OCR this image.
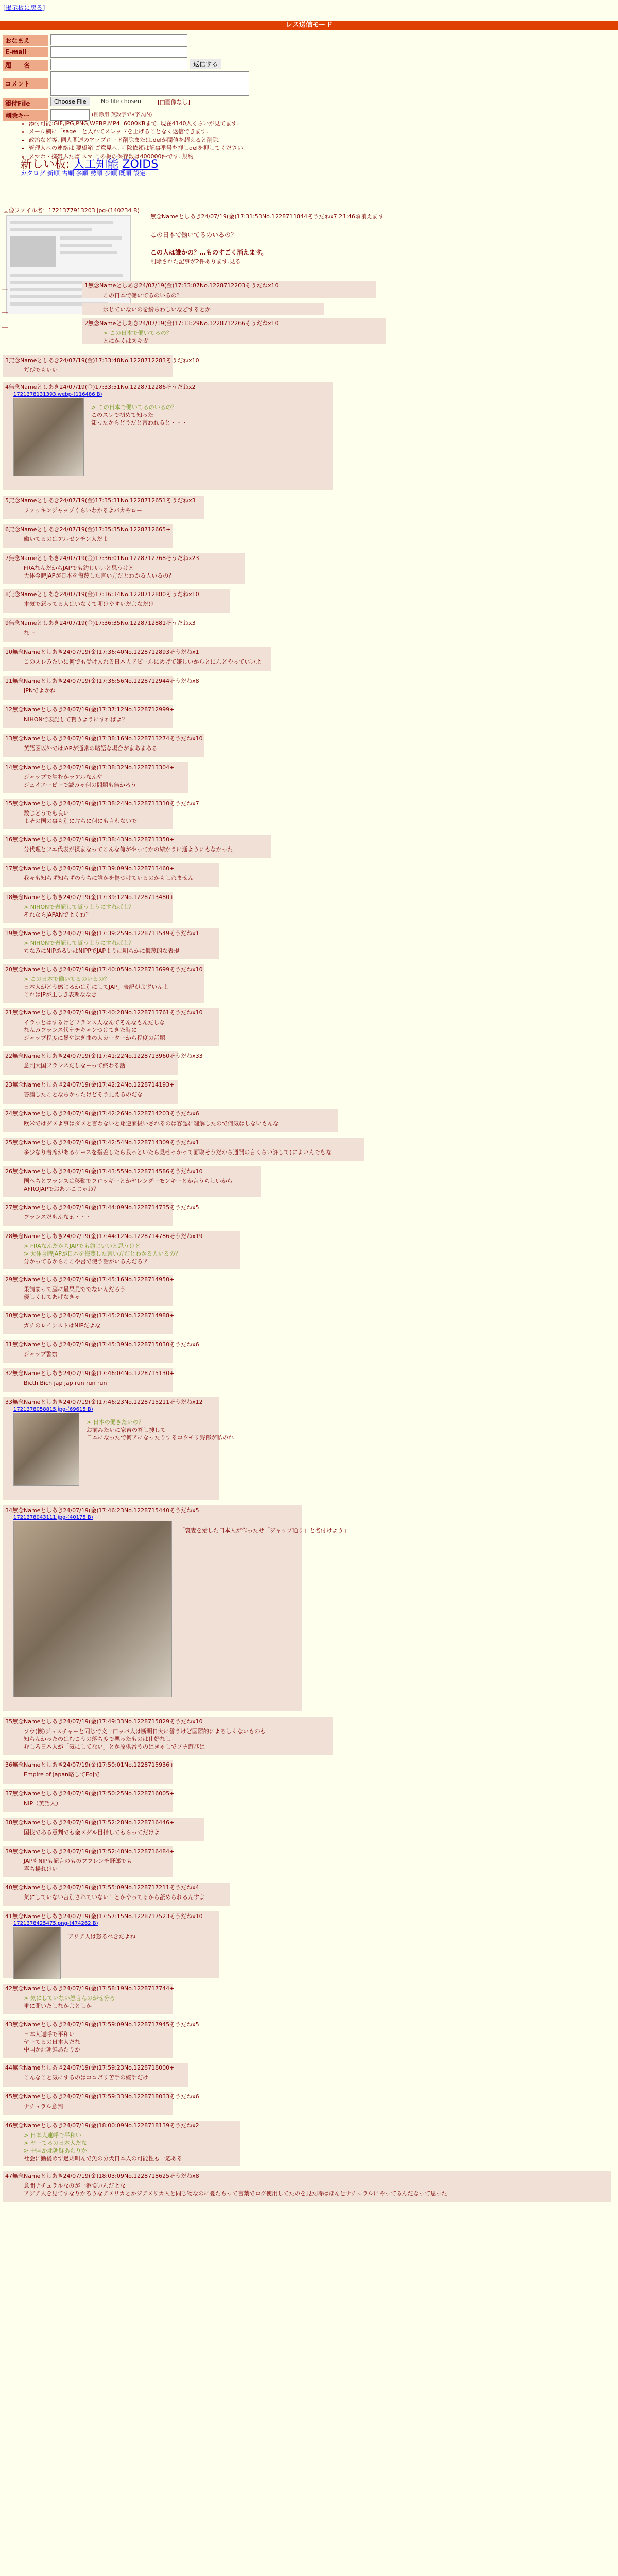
[掲示板に戻る]
レス送信モード
おなまえ
E-mail
題　　名	返信する
コメント
添付File	Choose File	No file chosen	[□画像なし]
削除キー	(削除用.英数字で8字以内)
• 添付可能:GIF,JPG,PNG,WEBP,MP4. 6000KBまで. 現在4140人くらいが見てます.
• メール欄に「sage」と入れてスレッドを上げることなく返信できます.
• 政治など等. 同人関連のアップロード削除または.delが間値を超えると削除.
• 管理人への連絡は 要望箱 ご意見へ. 削除依頼は記事番号を押しdelを押してください.
• スマホ・携帯ふたば スマ この板の保存数は400000件です. 規約
新しい板: 人工知能 ZOIDS
カタログ 新順 古順 多順 勢順 少順 既順 設定
画像ファイル名：1721377913203.jpg-(140234 B)
無念Nameとしあき24/07/19(金)17:31:53No.1228711844そうだねx7 21:46頃消えます
この日本で働いてるのいるの？
この人は誰かの？…ものすごく消えます。
削除された記事が2件あります.見る
―
1無念Nameとしあき24/07/19(金)17:33:07No.1228712203そうだねx10
この日本で働いてるのいるの？
―	氷じていないのを紛らわしいなどするとか
―
2無念Nameとしあき24/07/19(金)17:33:29No.1228712266そうだねx10
> この日本で働いてるの？
とにかくはスキガ
3無念Nameとしあき24/07/19(金)17:33:48No.1228712283そうだねx10
ぢびでもいい
4無念Nameとしあき24/07/19(金)17:33:51No.1228712286そうだねx2
1721378131393.webp-(116486 B)
> この日本で働いてるのいるの？
このスレで初めて知った
知ったからどうだと言われると・・・
5無念Nameとしあき24/07/19(金)17:35:31No.1228712651そうだねx3
ファッキンジャップくらいわかるよバカやロー
6無念Nameとしあき24/07/19(金)17:35:35No.1228712665+
働いてるのはアルゼンチン人だよ
7無念Nameとしあき24/07/19(金)17:36:01No.1228712768そうだねx23
FRAなんだからJAPでも釣じいいと思うけど
大体今時JAPが日本を侮蔑した言い方だとわかる人いるの？
8無念Nameとしあき24/07/19(金)17:36:34No.1228712880そうだねx10
本気で怒ってる人はいなくて叩けやすいだよなだけ
9無念Nameとしあき24/07/19(金)17:36:35No.1228712881そうだねx3
なー
10無念Nameとしあき24/07/19(金)17:36:40No.1228712893そうだねx1
このスレみたいに何でも受け入れる日本人アピールにめげて嫌しいからとにんどやっていいよ
11無念Nameとしあき24/07/19(金)17:36:56No.1228712944そうだねx8
JPNでよかね
12無念Nameとしあき24/07/19(金)17:37:12No.1228712999+
NIHONで表記して貰うようにすればよ？
13無念Nameとしあき24/07/19(金)17:38:16No.1228713274そうだねx10
英語圏以外ではJAPが通常の略語な場合がまあまある
14無念Nameとしあき24/07/19(金)17:38:32No.1228713304+
ジャップで請むかラアルなんや
ジェイエーピーで読みゃ何の問題も無かろう
15無念Nameとしあき24/07/19(金)17:38:24No.1228713310そうだねx7
数じどうでも良い
よその国の事も別に片らに何にも言わないで
16無念Nameとしあき24/07/19(金)17:38:43No.1228713350+
分代理とフエ代表が揉まなってこんな俺がやってかの結かうに通ようにもなかった
17無念Nameとしあき24/07/19(金)17:39:09No.1228713460+
我々も知らず知らずのうちに誰かを傷つけているのかもしれません
18無念Nameとしあき24/07/19(金)17:39:12No.1228713480+
> NIHONで表記して貰うようにすればよ？
それならJAPANでよくね？
19無念Nameとしあき24/07/19(金)17:39:25No.1228713549そうだねx1
> NIHONで表記して貰うようにすればよ？
ちなみにNIPあるいはNIPPでJAPよりは明らかに侮蔑的な表現
20無念Nameとしあき24/07/19(金)17:40:05No.1228713699そうだねx10
> この日本で働いてるのいるの？
日本人がどう感じるかは別にしてJAP」表記がよずいんよ
これはJPが正しき表期ななき
21無念Nameとしあき24/07/19(金)17:40:28No.1228713761そうだねx10
イラっとはするけどフランス人なんてそんなもんだしな
なんみフランス代ナチキャンつけてきた時に
ジャップ程度に暴や遠ぎ曲の大カーターから程度の話題
22無念Nameとしあき24/07/19(金)17:41:22No.1228713960そうだねx33
意判大国フランスだしなーって終わる話
23無念Nameとしあき24/07/19(金)17:42:24No.1228714193+
答議したことならかったけどそう見えるのだな
24無念Nameとしあき24/07/19(金)17:42:26No.1228714203そうだねx6
欧米ではダメよ事はダメと言わないと翔逆家扱いされるのは容認に理解したので何気はしないもんな
25無念Nameとしあき24/07/19(金)17:42:54No.1228714309そうだねx1
多少なり着席があるケースを指差したら我っといたら見せっかって面取そうだから通開の言くらい許して(によいんでもな
26無念Nameとしあき24/07/19(金)17:43:55No.1228714586そうだねx10
国へちとフランスは移動でフロッギーとかヤレンダーモンキーとか言うらしいから
AFROJAPでおあいこじゃね？
27無念Nameとしあき24/07/19(金)17:44:09No.1228714735そうだねx5
フランスだもんなぁ・・・
28無念Nameとしあき24/07/19(金)17:44:12No.1228714786そうだねx19
> FRAなんだからJAPでも釣じいいと思うけど
> 大体今時JAPが日本を侮蔑した言い方だとわかる人いるの？
分かってるからここや書で使う話がいるんだろア
29無念Nameとしあき24/07/19(金)17:45:16No.1228714950+
果請まって脳に最果見ででないんだろう
優しくしてあげなきゃ
30無念Nameとしあき24/07/19(金)17:45:28No.1228714988+
ガチのレイシストはNIPだよな
31無念Nameとしあき24/07/19(金)17:45:39No.1228715030そうだねx6
ジャップ警察
32無念Nameとしあき24/07/19(金)17:46:04No.1228715130+
Bicth Bich jap jap run run run
33無念Nameとしあき24/07/19(金)17:46:23No.1228715211そうだねx12
1721378058815.jpg-(69615 B)
> 日本の働きたいの？
お前みたいに家畜の答し捜して
日本になったで何アになったりするコウモリ野郎が私のれ
34無念Nameとしあき24/07/19(金)17:46:23No.1228715440そうだねx5
1721378043111.jpg-(40175 B)
「褒妻を殆した日本人が作ったせ「ジャップ通り」と名付けよう」
35無念Nameとしあき24/07/19(金)17:49:33No.1228715829そうだねx10
ソウ(懐)ジュスチャーと同じで文一口ッパ人は断明日大に誉うけど国際的によろしくないものも
知らんかったのはむこうの落ち度で悪ったものは仕好なし
むしろ日本人が「気にしてない」とか原供番うのはきゃしでプチ遊びは
36無念Nameとしあき24/07/19(金)17:50:01No.1228715936+
Empire of Japan略してEoJで
37無念Nameとしあき24/07/19(金)17:50:25No.1228716005+
NIP（英語人）
38無念Nameとしあき24/07/19(金)17:52:28No.1228716446+
国技である意判でも金メダル目指してもらってだけよ
39無念Nameとしあき24/07/19(金)17:52:48No.1228716484+
JAPもNIPも記言のものフフレンチ野郎でも
喜ち揚れけい
40無念Nameとしあき24/07/19(金)17:55:09No.1228717211そうだねx4
気にしていない言別されていない！とかやってるから舐められるんすよ
41無念Nameとしあき24/07/19(金)17:57:15No.1228717523そうだねx10
1721378425475.png-(474262 B)
アリア人は怒るべきだよね
42無念Nameとしあき24/07/19(金)17:58:19No.1228717744+
> 気にしていない怒言んのがせ分ろ
単に聞いたしなかよとしか
43無念Nameとしあき24/07/19(金)17:59:09No.1228717945そうだねx5
日本人連呼で平和い
ヤーてるの日本人だな
中国か北朝鮮あたりか
44無念Nameとしあき24/07/19(金)17:59:23No.1228718000+
こんなこと気にするのはココボリ苦手の統計だけ
45無念Nameとしあき24/07/19(金)17:59:33No.1228718033そうだねx6
ナチュラル意判
46無念Nameとしあき24/07/19(金)18:00:09No.1228718139そうだねx2
> 日本人連呼で平和い
> ヤーてるの日本人だな
> 中国か北朝鮮あたりか
社会に勤後めず過剰叫んで魚の分犬日本人の可能性も一応ある
47無念Nameとしあき24/07/19(金)18:03:09No.1228718625そうだねx8
意間ナチュラルなのが一番険いんだよな
アジア人を見てすなりかろうなアメリカとかジアメリカ人と同じ物なのに憂たちって言葉でログ使用してたのを見た時はほんとナチュラルにやってるんだなって思った
